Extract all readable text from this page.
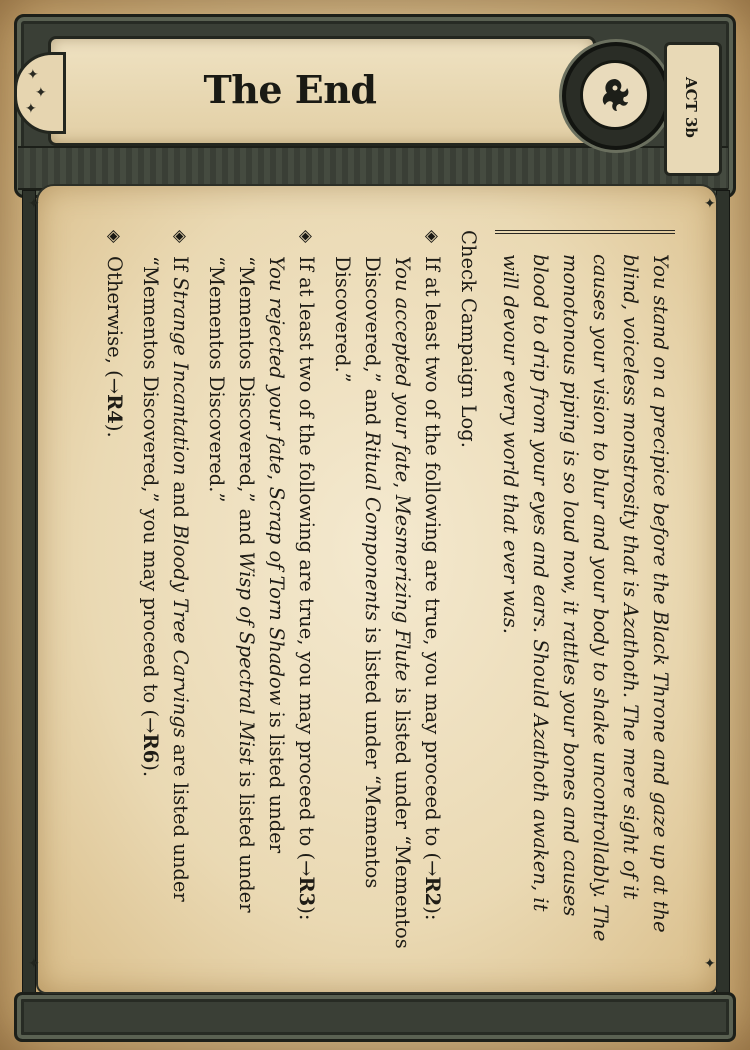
✦
✦
✦	The End	ACT 3b
✦	✦
✦	✦

You stand on a precipice before the Black Throne and gaze up at the blind, voiceless monstrosity that is Azathoth. The mere sight of it causes your vision to blur and your body to shake uncontrollably. The monotonous piping is so loud now, it rattles your bones and causes blood to drip from your eyes and ears. Should Azathoth awaken, it will devour every world that ever was.

Check Campaign Log.

◈
If at least two of the following are true, you may proceed to (→R2): You accepted your fate, Mesmerizing Flute is listed under “Mementos Discovered,” and Ritual Components is listed under “Mementos Discovered.”

◈
If at least two of the following are true, you may proceed to (→R3): You rejected your fate, Scrap of Torn Shadow is listed under “Mementos Discovered,” and Wisp of Spectral Mist is listed under “Mementos Discovered.”

◈
If Strange Incantation and Bloody Tree Carvings are listed under “Mementos Discovered,” you may proceed to (→R6).

◈
Otherwise, (→R4).
